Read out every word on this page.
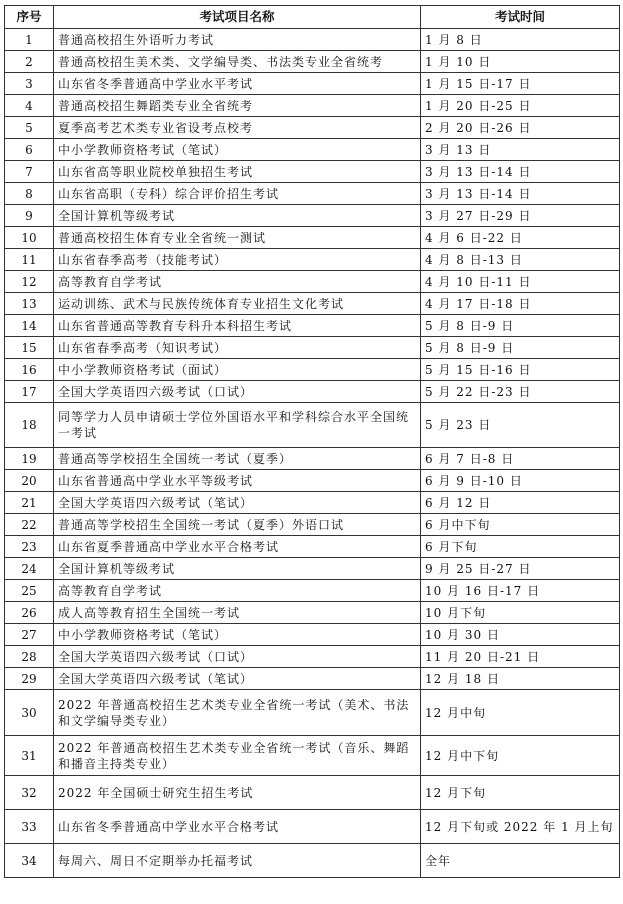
序号	考试项目名称	考试时间
1	普通高校招生外语听力考试	1 月 8 日
2	普通高校招生美术类、文学编导类、书法类专业全省统考	1 月 10 日
3	山东省冬季普通高中学业水平考试	1 月 15 日-17 日
4	普通高校招生舞蹈类专业全省统考	1 月 20 日-25 日
5	夏季高考艺术类专业省设考点校考	2 月 20 日-26 日
6	中小学教师资格考试（笔试）	3 月 13 日
7	山东省高等职业院校单独招生考试	3 月 13 日-14 日
8	山东省高职（专科）综合评价招生考试	3 月 13 日-14 日
9	全国计算机等级考试	3 月 27 日-29 日
10	普通高校招生体育专业全省统一测试	4 月 6 日-22 日
11	山东省春季高考（技能考试）	4 月 8 日-13 日
12	高等教育自学考试	4 月 10 日-11 日
13	运动训练、武术与民族传统体育专业招生文化考试	4 月 17 日-18 日
14	山东省普通高等教育专科升本科招生考试	5 月 8 日-9 日
15	山东省春季高考（知识考试）	5 月 8 日-9 日
16	中小学教师资格考试（面试）	5 月 15 日-16 日
17	全国大学英语四六级考试（口试）	5 月 22 日-23 日
18	同等学力人员申请硕士学位外国语水平和学科综合水平全国统一考试	5 月 23 日
19	普通高等学校招生全国统一考试（夏季）	6 月 7 日-8 日
20	山东省普通高中学业水平等级考试	6 月 9 日-10 日
21	全国大学英语四六级考试（笔试）	6 月 12 日
22	普通高等学校招生全国统一考试（夏季）外语口试	6 月中下旬
23	山东省夏季普通高中学业水平合格考试	6 月下旬
24	全国计算机等级考试	9 月 25 日-27 日
25	高等教育自学考试	10 月 16 日-17 日
26	成人高等教育招生全国统一考试	10 月下旬
27	中小学教师资格考试（笔试）	10 月 30 日
28	全国大学英语四六级考试（口试）	11 月 20 日-21 日
29	全国大学英语四六级考试（笔试）	12 月 18 日
30	2022 年普通高校招生艺术类专业全省统一考试（美术、书法和文学编导类专业）	12 月中旬
31	2022 年普通高校招生艺术类专业全省统一考试（音乐、舞蹈和播音主持类专业）	12 月中下旬
32	2022 年全国硕士研究生招生考试	12 月下旬
33	山东省冬季普通高中学业水平合格考试	12 月下旬或 2022 年 1 月上旬
34	每周六、周日不定期举办托福考试	全年
